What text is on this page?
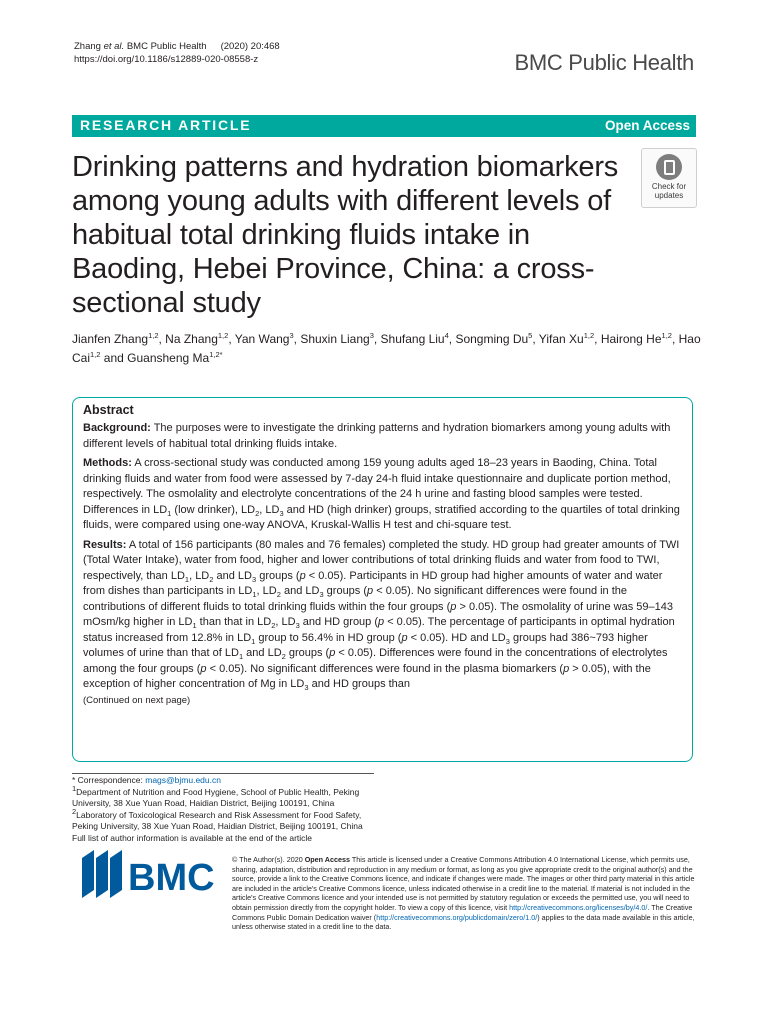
Zhang et al. BMC Public Health (2020) 20:468
https://doi.org/10.1186/s12889-020-08558-z	BMC Public Health
RESEARCH ARTICLE	Open Access
Drinking patterns and hydration biomarkers among young adults with different levels of habitual total drinking fluids intake in Baoding, Hebei Province, China: a cross-sectional study
Check for
updates
Jianfen Zhang$^{1,2}$, Na Zhang$^{1,2}$, Yan Wang$^3$, Shuxin Liang$^3$, Shufang Liu$^4$, Songming Du$^5$, Yifan Xu$^{1,2}$, Hairong He$^{1,2}$, Hao Cai$^{1,2}$ and Guansheng $Ma^{1,2*}$
Abstract

Background: The purposes were to investigate the drinking patterns and hydration biomarkers among young adults with different levels of habitual total drinking fluids intake.

Methods: A cross-sectional study was conducted among 159 young adults aged 18–23 years in Baoding, China. Total drinking fluids and water from food were assessed by 7-day 24-h fluid intake questionnaire and duplicate portion method, respectively. The osmolality and electrolyte concentrations of the 24 h urine and fasting blood samples were tested. Differences in $LD_1$ (low drinker), $LD_2$, $LD_3$ and HD (high drinker) groups, stratified according to the quartiles of total drinking fluids, were compared using one-way ANOVA, Kruskal-Wallis H test and chi-square test.

Results: A total of 156 participants (80 males and 76 females) completed the study. HD group had greater amounts of TWI (Total Water Intake), water from food, higher and lower contributions of total drinking fluids and water from food to TWI, respectively, than $LD_1$, $LD_2$ and $LD_3$ groups (p < 0.05). Participants in HD group had higher amounts of water and water from dishes than participants in $LD_1$, $LD_2$ and $LD_3$ groups (p < 0.05). No significant differences were found in the contributions of different fluids to total drinking fluids within the four groups (p > 0.05). The osmolality of urine was 59–143 mOsm/kg higher in $LD_1$ than that in $LD_2$, $LD_3$ and HD group (p < 0.05). The percentage of participants in optimal hydration status increased from 12.8% in $LD_1$ group to 56.4% in HD group (p < 0.05). HD and $LD_3$ groups had 386~793 higher volumes of urine than that of $LD_1$ and $LD_2$ groups (p < 0.05). Differences were found in the concentrations of electrolytes among the four groups (p < 0.05). No significant differences were found in the plasma biomarkers (p > 0.05), with the exception of higher concentration of Mg in $LD_3$ and HD groups than

(Continued on next page)
* Correspondence: mags@bjmu.edu.cn
$^1$Department of Nutrition and Food Hygiene, School of Public Health, Peking University, 38 Xue Yuan Road, Haidian District, Beijing 100191, China
$^2$Laboratory of Toxicological Research and Risk Assessment for Food Safety, Peking University, 38 Xue Yuan Road, Haidian District, Beijing 100191, China
Full list of author information is available at the end of the article
BMC © The Author(s). 2020 Open Access This article is licensed under a Creative Commons Attribution 4.0 International License, which permits use, sharing, adaptation, distribution and reproduction in any medium or format, as long as you give appropriate credit to the original author(s) and the source, provide a link to the Creative Commons licence, and indicate if changes were made. The images or other third party material in this article are included in the article's Creative Commons licence, unless indicated otherwise in a credit line to the material. If material is not included in the article's Creative Commons licence and your intended use is not permitted by statutory regulation or exceeds the permitted use, you will need to obtain permission directly from the copyright holder. To view a copy of this licence, visit http://creativecommons.org/licenses/by/4.0/. The Creative Commons Public Domain Dedication waiver (http://creativecommons.org/publicdomain/zero/1.0/) applies to the data made available in this article, unless otherwise stated in a credit line to the data.
